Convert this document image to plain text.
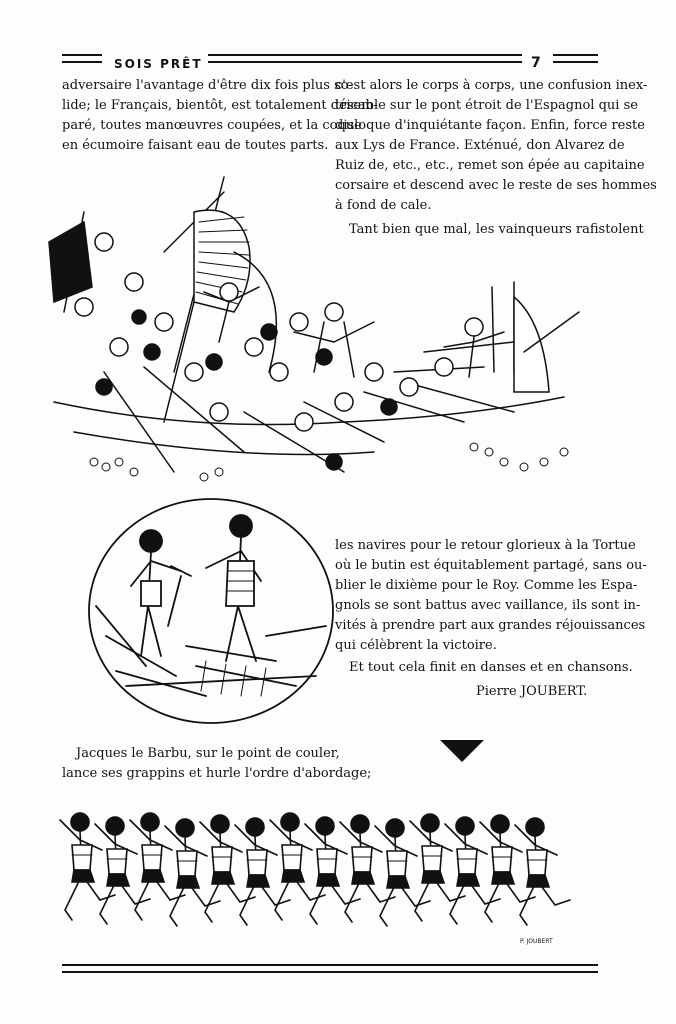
SOIS PRÊT	7
adversaire l'avantage d'être dix fois plus so-
lide; le Français, bientôt, est totalement désem-
paré, toutes manœuvres coupées, et la coque
en écumoire faisant eau de toutes parts.
c'est alors le corps à corps, une confusion inex-
tricable sur le pont étroit de l'Espagnol qui se
disloque d'inquiétante façon. Enfin, force reste
aux Lys de France. Exténué, don Alvarez de
Ruiz de, etc., etc., remet son épée au capitaine
corsaire et descend avec le reste de ses hommes
à fond de cale.
Tant bien que mal, les vainqueurs rafistolent
les navires pour le retour glorieux à la Tortue
où le butin est équitablement partagé, sans ou-
blier le dixième pour le Roy. Comme les Espa-
gnols se sont battus avec vaillance, ils sont in-
vités à prendre part aux grandes réjouissances
qui célèbrent la victoire.
Et tout cela finit en danses et en chansons.
Pierre JOUBERT.
Jacques le Barbu, sur le point de couler,
lance ses grappins et hurle l'ordre d'abordage;
P. JOUBERT
